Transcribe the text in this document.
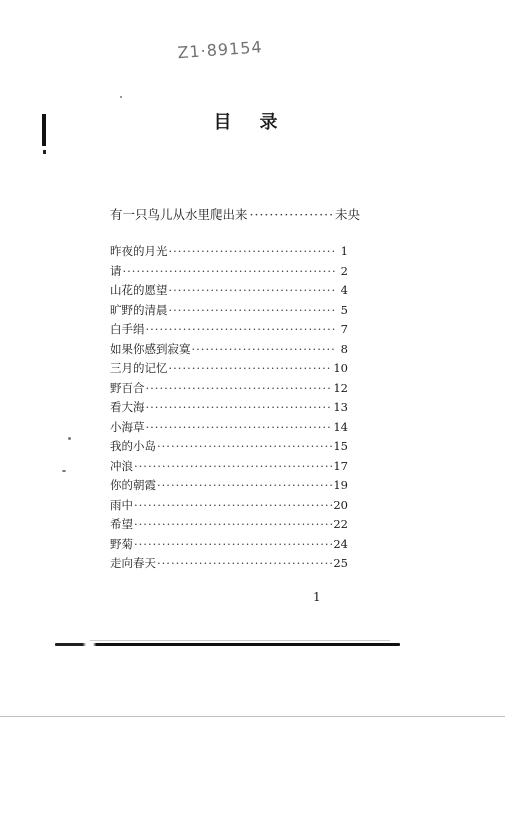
Z1·89154
目录
有一只鸟儿从水里爬出来 ·····	未央
昨夜的月光 ·····	1
请 ·····	2
山花的愿望 ·····	4
旷野的清晨 ·····	5
白手绢 ·····	7
如果你感到寂寞 ·····	8
三月的记忆 ·····	10
野百合 ·····	12
看大海 ·····	13
小海草 ·····	14
我的小岛 ·····	15
冲浪 ·····	17
你的朝霞 ·····	19
雨中 ·····	20
希望 ·····	22
野菊 ·····	24
走向春天 ·····	25
1
